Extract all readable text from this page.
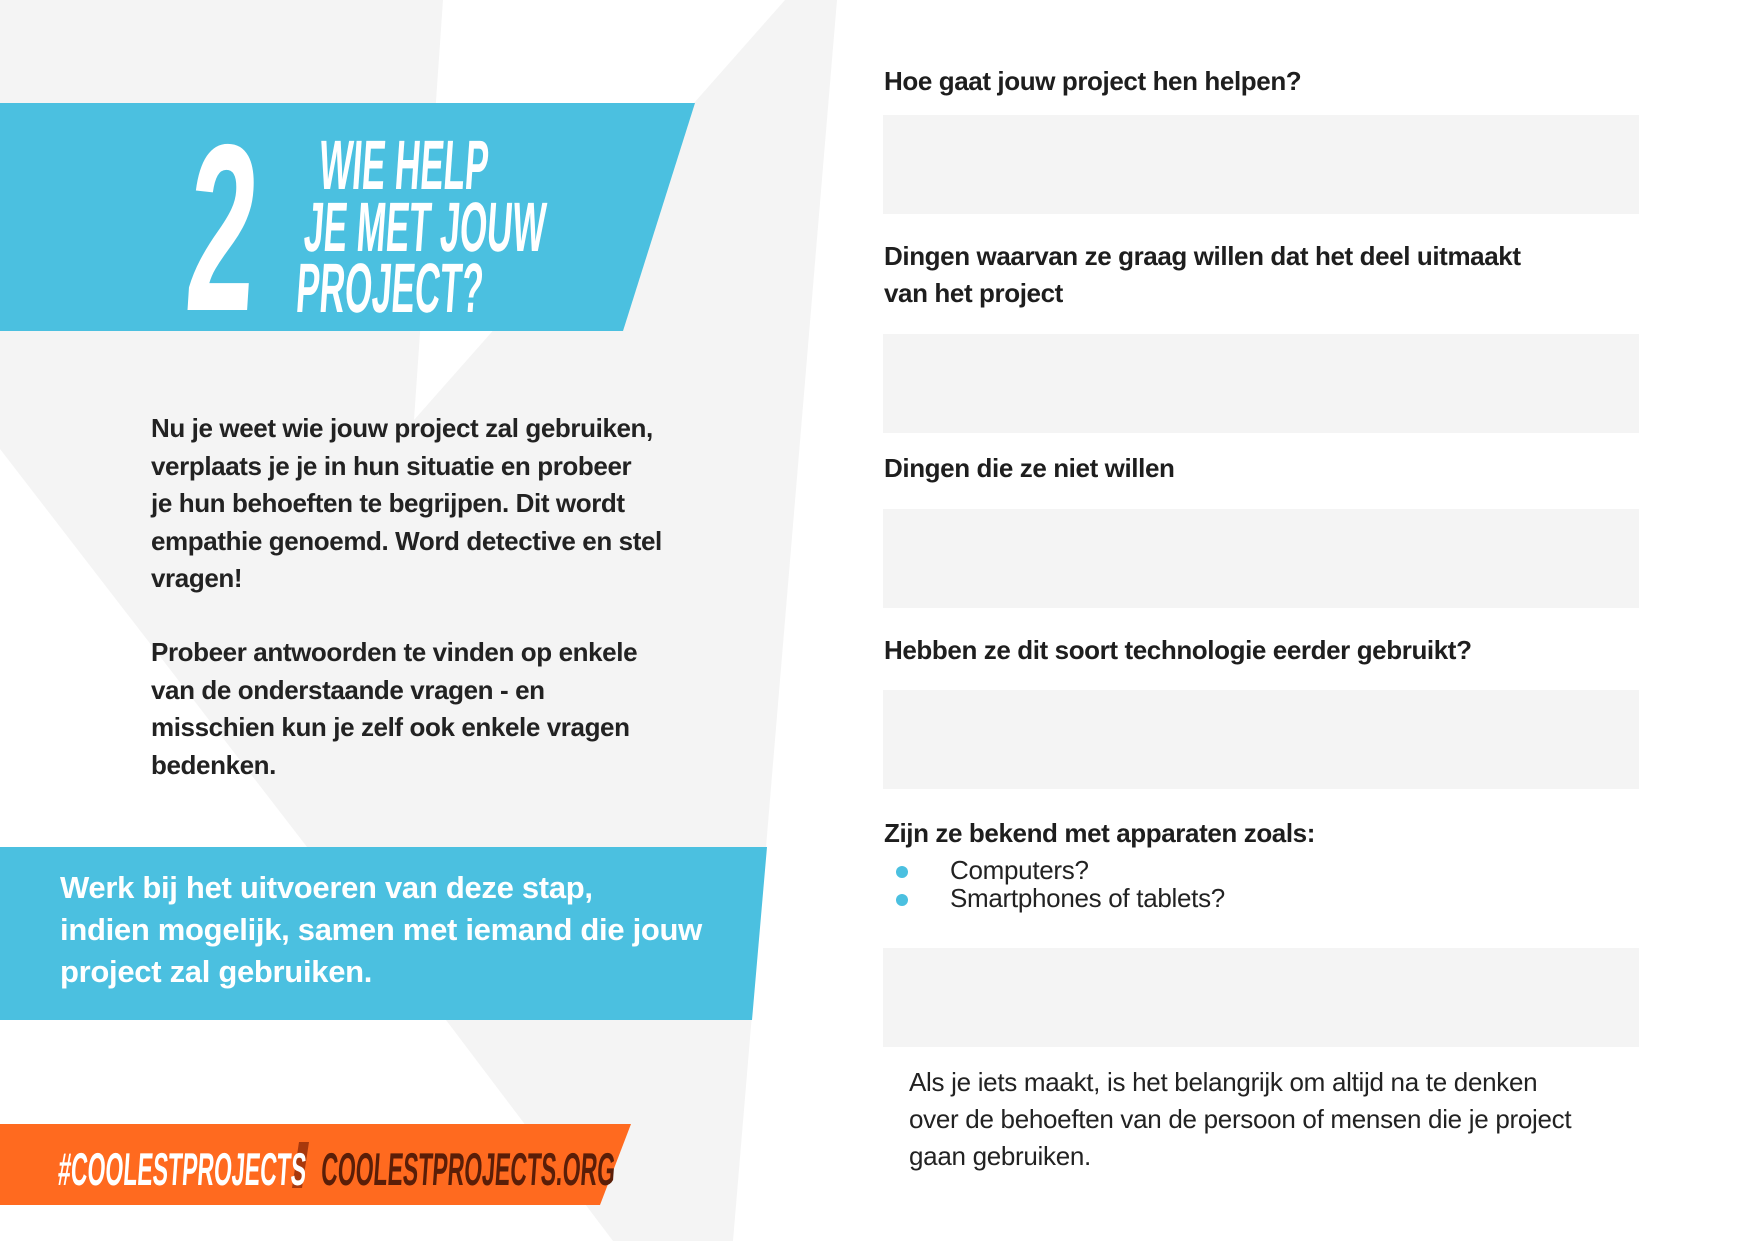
2 WIE HELP
JE MET JOUW
PROJECT?

Nu je weet wie jouw project zal gebruiken,

verplaats je je in hun situatie en probeer

je hun behoeften te begrijpen. Dit wordt

empathie genoemd. Word detective en stel

vragen!

Probeer antwoorden te vinden op enkele

van de onderstaande vragen - en

misschien kun je zelf ook enkele vragen

bedenken.

Werk bij het uitvoeren van deze stap,

indien mogelijk, samen met iemand die jouw

project zal gebruiken.

#COOLESTPROJECTS COOLESTPROJECTS.ORG
Hoe gaat jouw project hen helpen?
Dingen waarvan ze graag willen dat het deel uitmaakt
van het project
Dingen die ze niet willen
Hebben ze dit soort technologie eerder gebruikt?
Zijn ze bekend met apparaten zoals:
Computers?
Smartphones of tablets?

Als je iets maakt, is het belangrijk om altijd na te denken

over de behoeften van de persoon of mensen die je project

gaan gebruiken.
